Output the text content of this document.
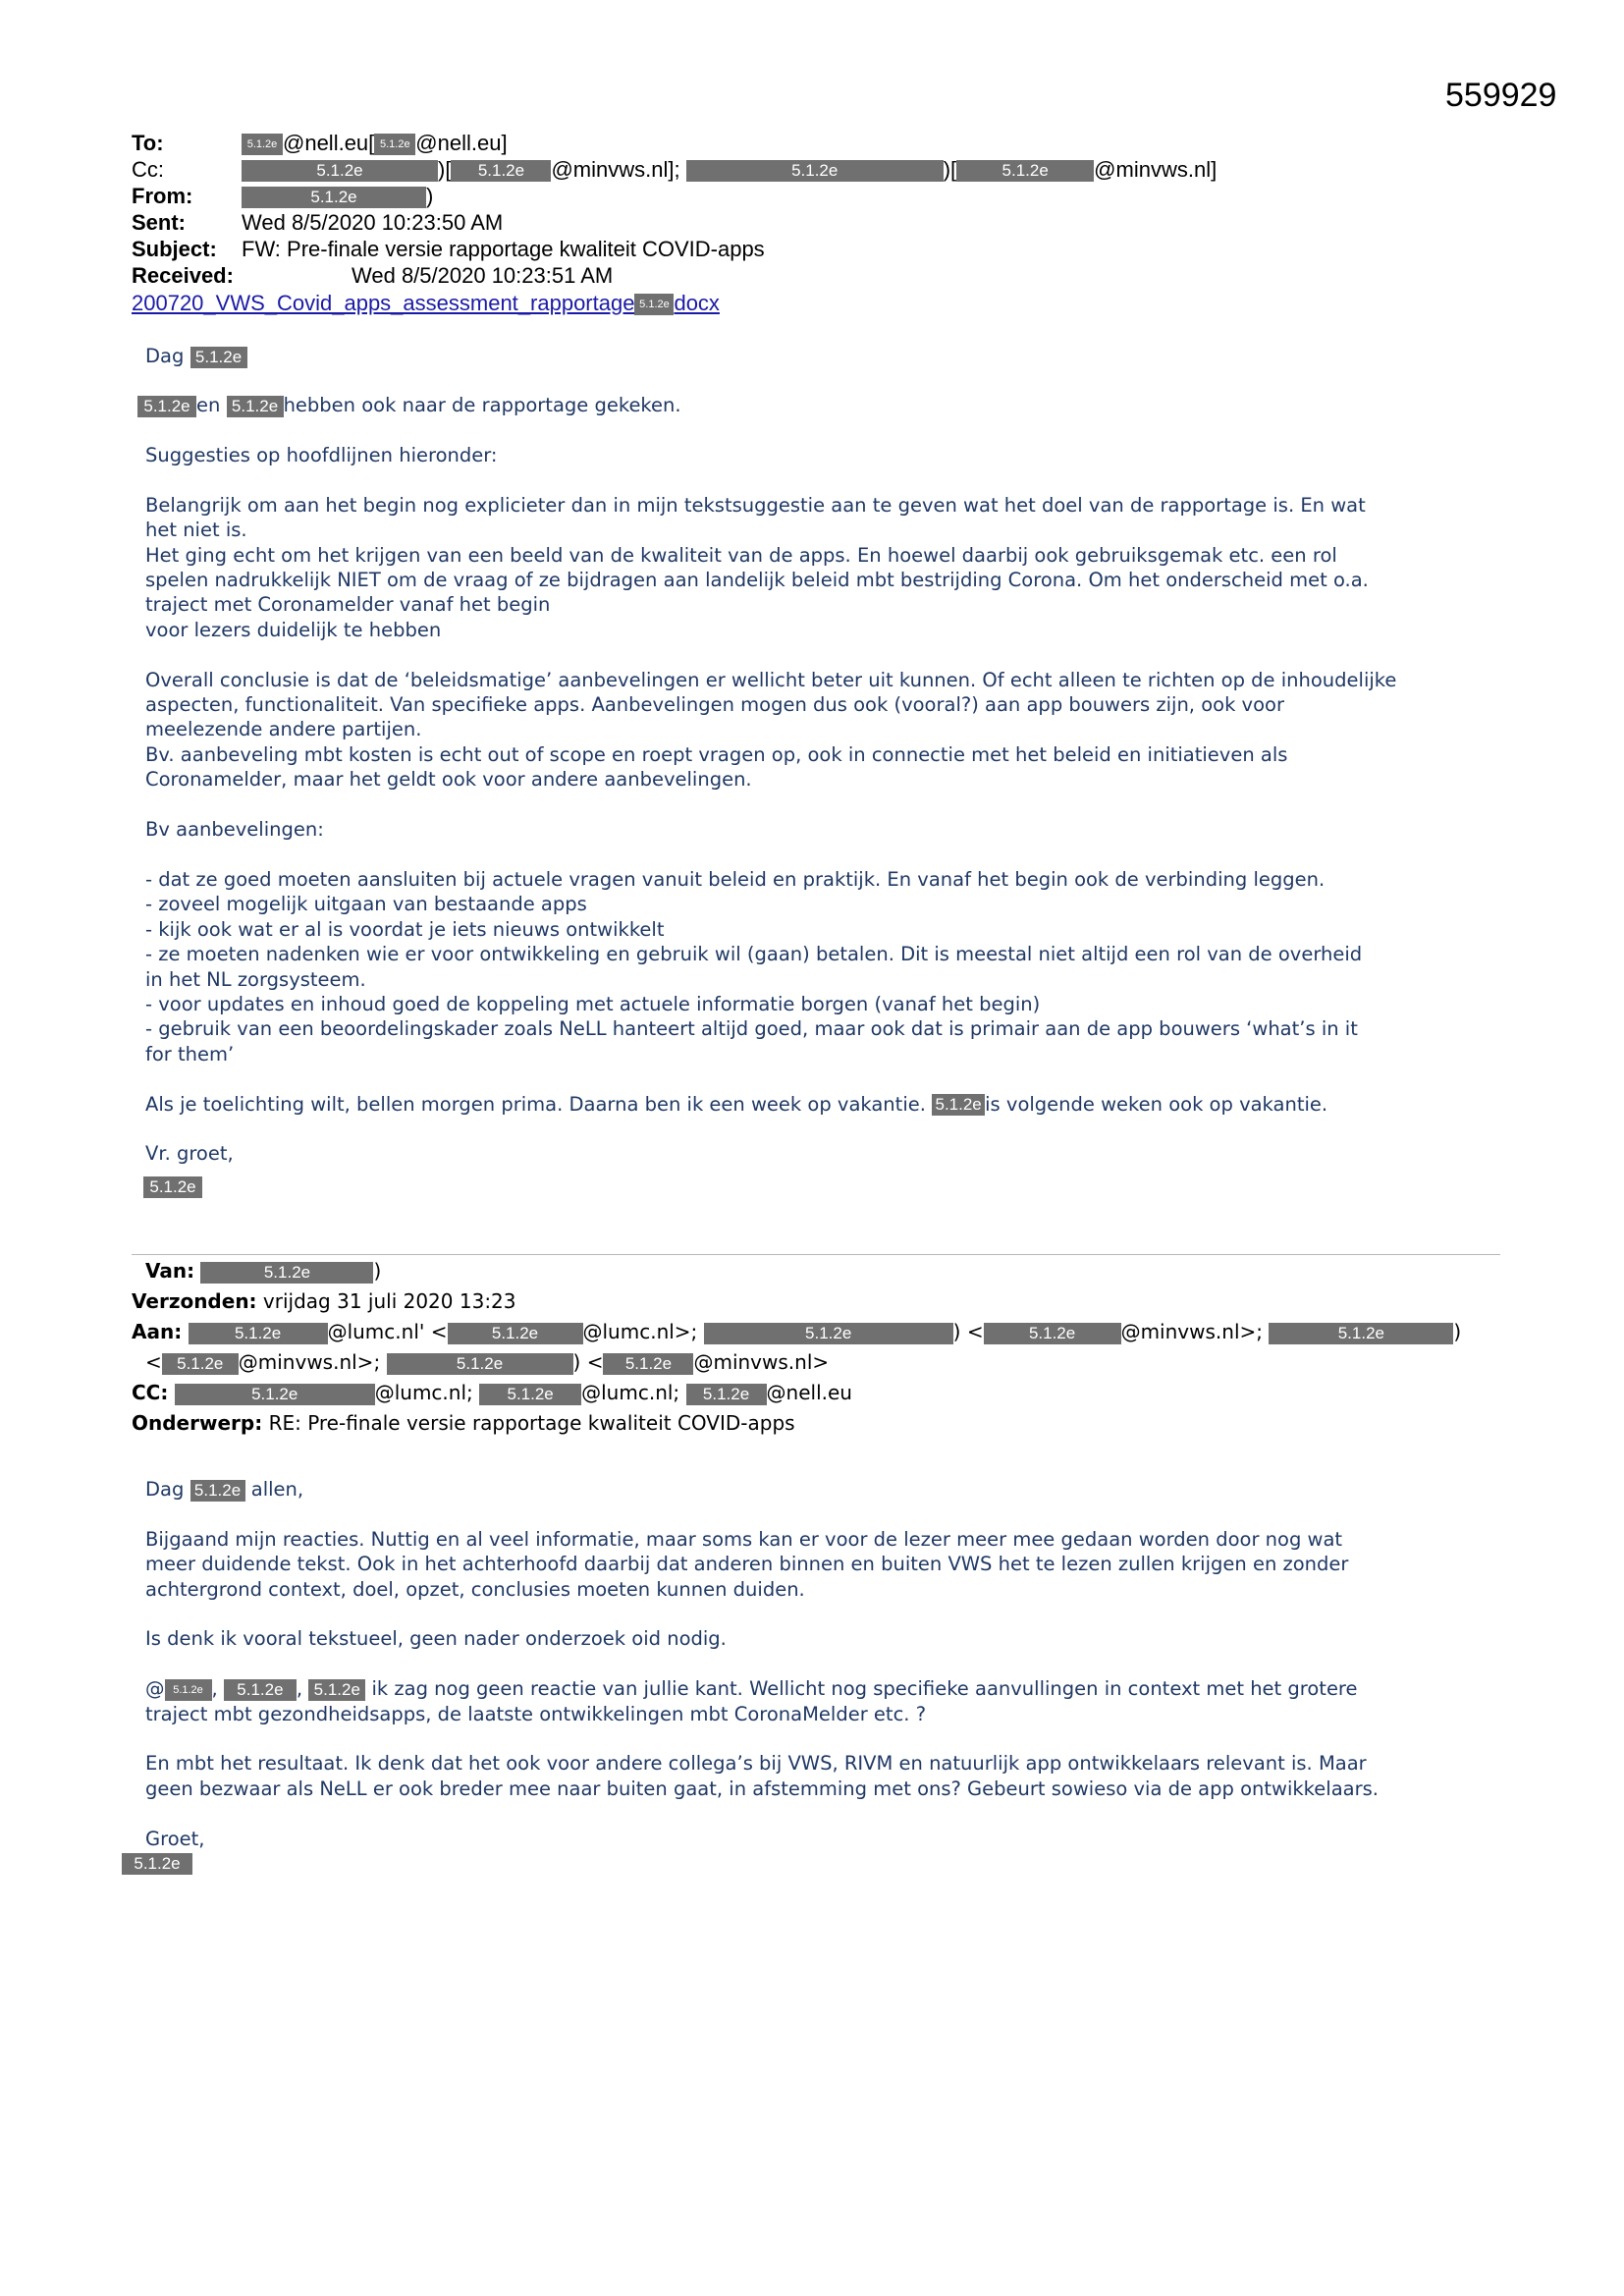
559929
To:	5.1.2e @nell.eu[ 5.1.2e @nell.eu]
Cc:	5.1.2e	)[ 5.1.2e @minvws.nl];	5.1.2e	)[	5.1.2e @minvws.nl]
From:	5.1.2e	)
Sent:	Wed 8/5/2020 10:23:50 AM
Subject: FW: Pre-finale versie rapportage kwaliteit COVID-apps
Received:	Wed 8/5/2020 10:23:51 AM
200720_VWS_Covid_apps_assessment_rapportage 5.1.2e docx
Dag 5.1.2e
5.1.2e en 5.1.2e hebben ook naar de rapportage gekeken.

Suggesties op hoofdlijnen hieronder:

Belangrijk om aan het begin nog explicieter dan in mijn tekstsuggestie aan te geven wat het doel van de rapportage is. En wat

het niet is.

Het ging echt om het krijgen van een beeld van de kwaliteit van de apps. En hoewel daarbij ook gebruiksgemak etc. een rol

spelen nadrukkelijk NIET om de vraag of ze bijdragen aan landelijk beleid mbt bestrijding Corona. Om het onderscheid met o.a.

traject met Coronamelder vanaf het begin

voor lezers duidelijk te hebben

Overall conclusie is dat de ‘beleidsmatige’ aanbevelingen er wellicht beter uit kunnen. Of echt alleen te richten op de inhoudelijke

aspecten, functionaliteit. Van specifieke apps. Aanbevelingen mogen dus ook (vooral?) aan app bouwers zijn, ook voor

meelezende andere partijen.

Bv. aanbeveling mbt kosten is echt out of scope en roept vragen op, ook in connectie met het beleid en initiatieven als

Coronamelder, maar het geldt ook voor andere aanbevelingen.

Bv aanbevelingen:

- dat ze goed moeten aansluiten bij actuele vragen vanuit beleid en praktijk. En vanaf het begin ook de verbinding leggen.

- zoveel mogelijk uitgaan van bestaande apps

- kijk ook wat er al is voordat je iets nieuws ontwikkelt

- ze moeten nadenken wie er voor ontwikkeling en gebruik wil (gaan) betalen. Dit is meestal niet altijd een rol van de overheid

in het NL zorgsysteem.

- voor updates en inhoud goed de koppeling met actuele informatie borgen (vanaf het begin)

- gebruik van een beoordelingskader zoals NeLL hanteert altijd goed, maar ook dat is primair aan de app bouwers ‘what’s in it

for them’

Als je toelichting wilt, bellen morgen prima. Daarna ben ik een week op vakantie. 5.1.2e is volgende weken ook op vakantie.

Vr. groet,

5.1.2e
Van:	5.1.2e	)
Verzonden: vrijdag 31 juli 2020 13:23
Aan:	5.1.2e @lumc.nl' <	5.1.2e @lumc.nl>;	5.1.2e	) <	5.1.2e @minvws.nl>;	5.1.2e	)
< 5.1.2e @minvws.nl>;	5.1.2e	) < 5.1.2e @minvws.nl>
CC:	5.1.2e	@lumc.nl; 5.1.2e @lumc.nl; 5.1.2e @nell.eu
Onderwerp: RE: Pre-finale versie rapportage kwaliteit COVID-apps

Dag 5.1.2e allen,

Bijgaand mijn reacties. Nuttig en al veel informatie, maar soms kan er voor de lezer meer mee gedaan worden door nog wat

meer duidende tekst. Ook in het achterhoofd daarbij dat anderen binnen en buiten VWS het te lezen zullen krijgen en zonder

achtergrond context, doel, opzet, conclusies moeten kunnen duiden.

Is denk ik vooral tekstueel, geen nader onderzoek oid nodig.

@ 5.1.2e , 5.1.2e , 5.1.2e ik zag nog geen reactie van jullie kant. Wellicht nog specifieke aanvullingen in context met het grotere

traject mbt gezondheidsapps, de laatste ontwikkelingen mbt CoronaMelder etc. ?

En mbt het resultaat. Ik denk dat het ook voor andere collega’s bij VWS, RIVM en natuurlijk app ontwikkelaars relevant is. Maar

geen bezwaar als NeLL er ook breder mee naar buiten gaat, in afstemming met ons? Gebeurt sowieso via de app ontwikkelaars.

Groet,

5.1.2e
